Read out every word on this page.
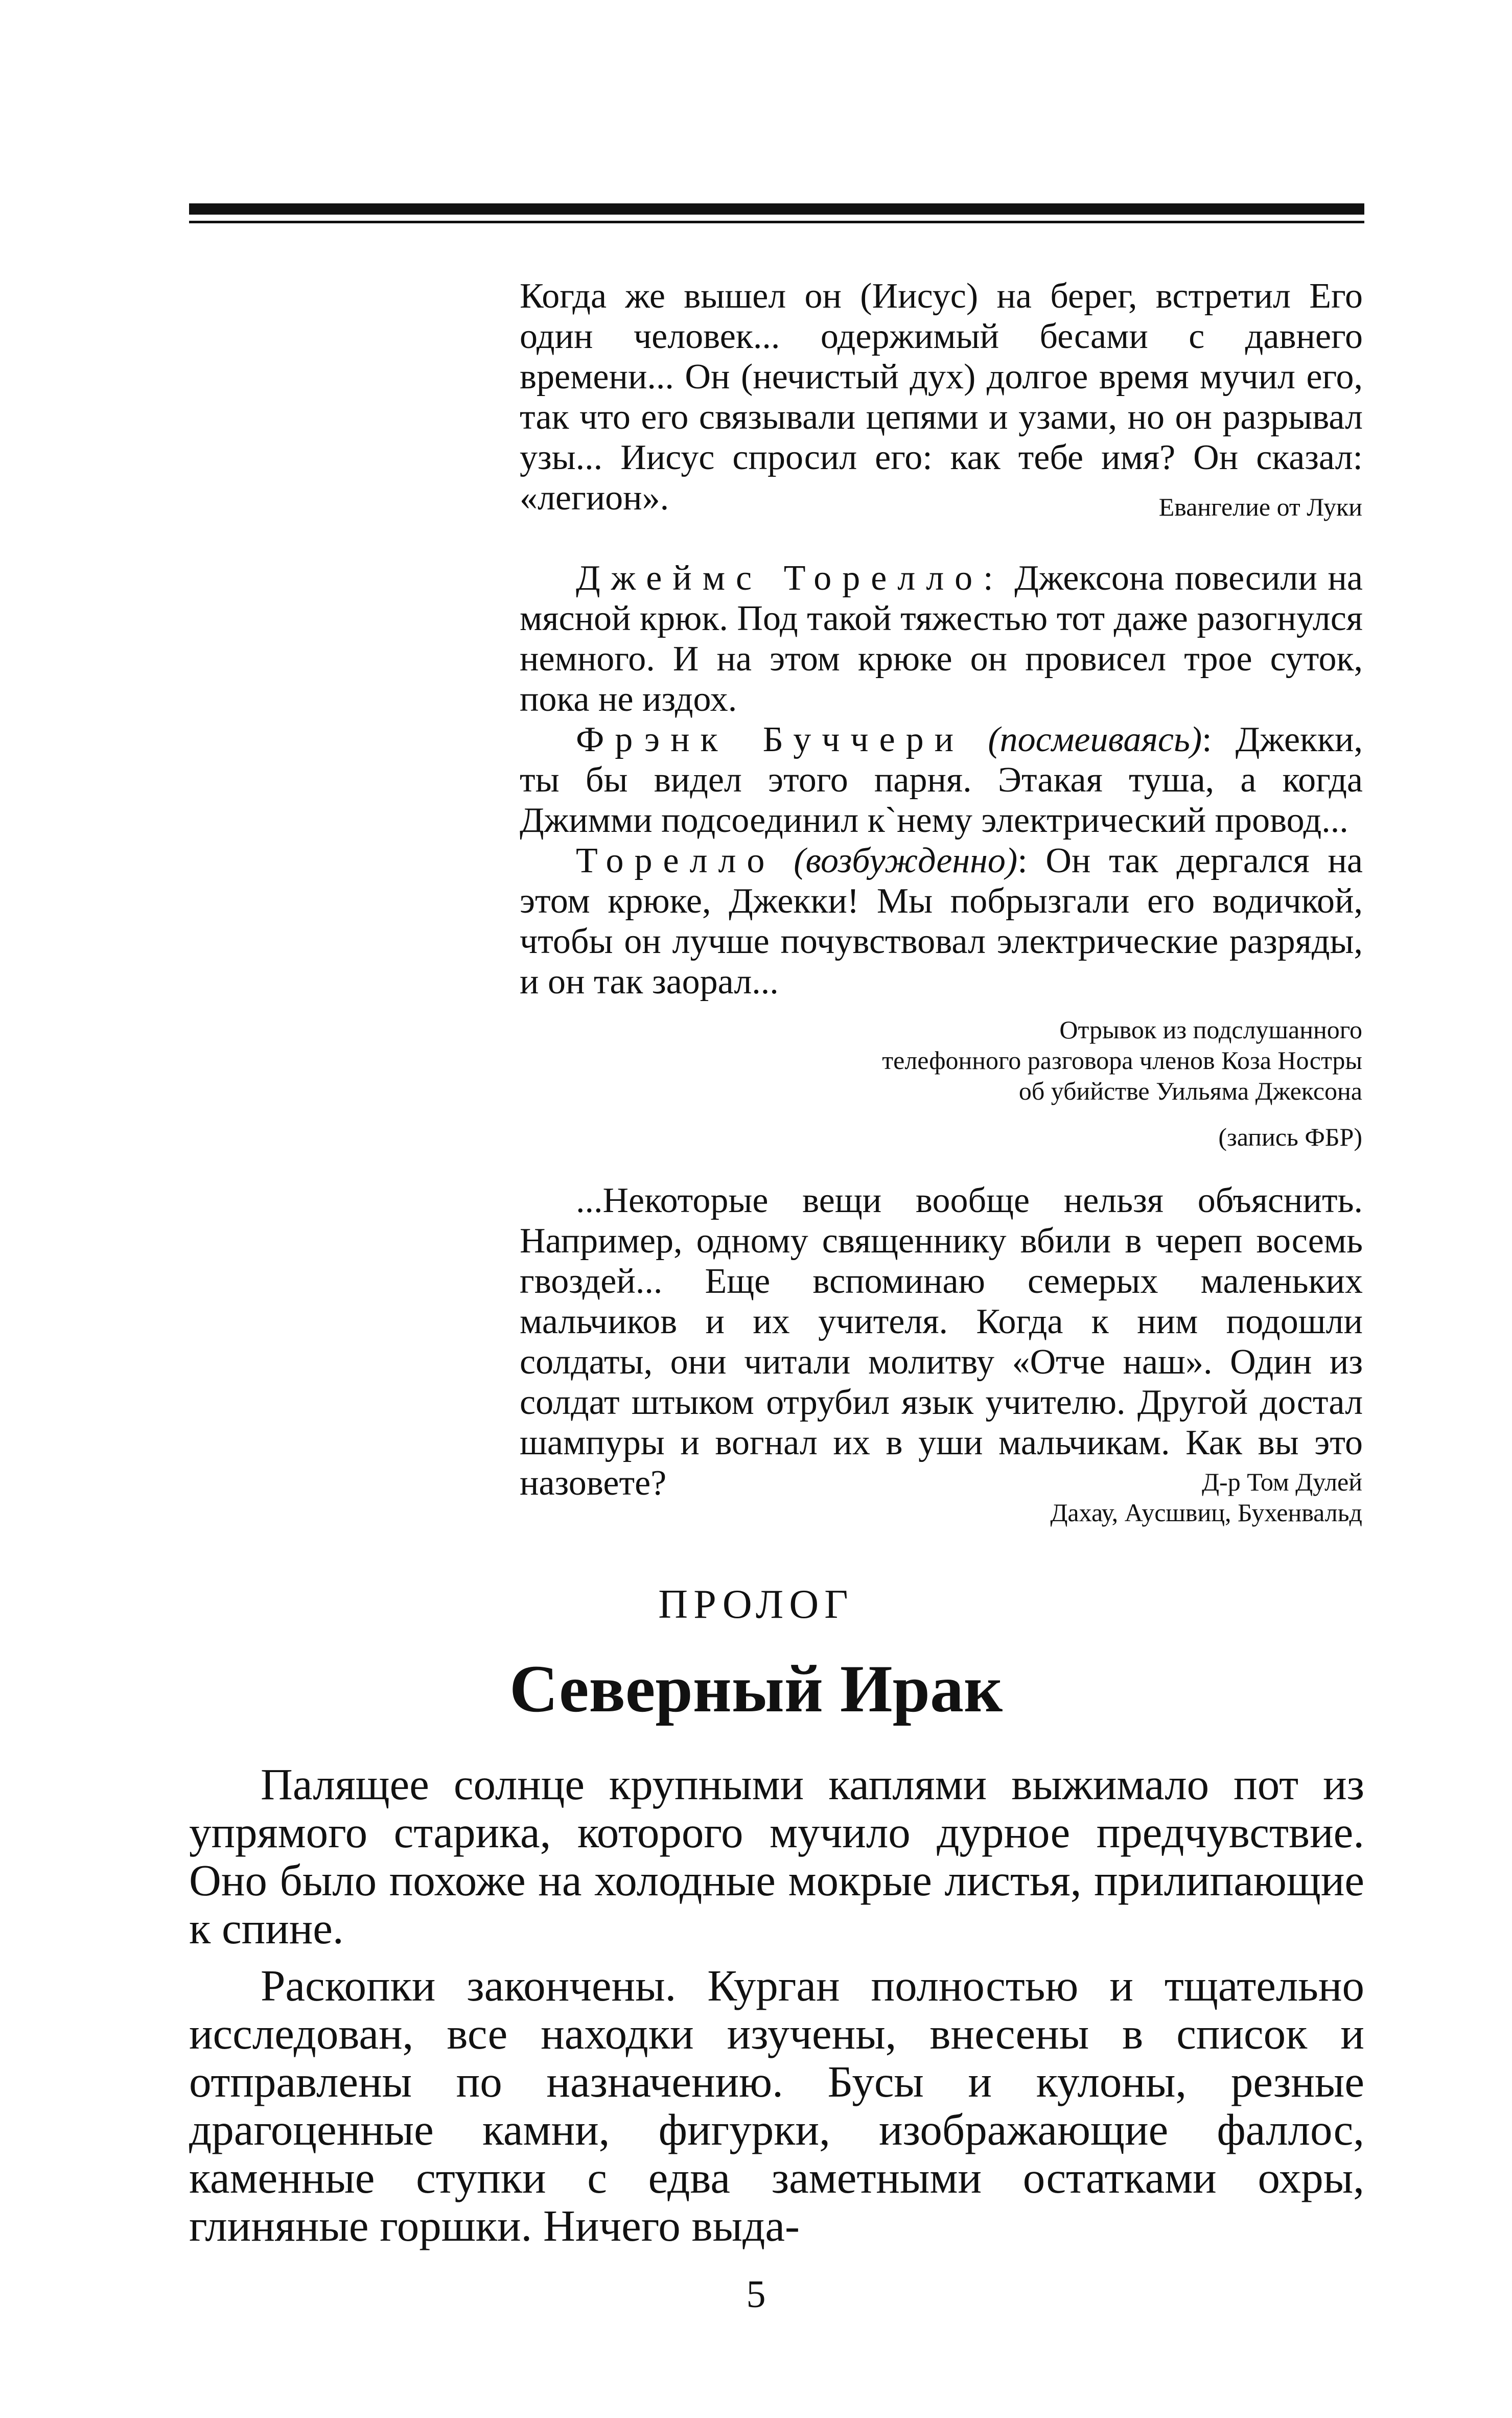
Когда же вышел он (Иисус) на берег, встретил Его один человек... одержимый бесами с давнего времени... Он (нечистый дух) долгое время мучил его, так что его связывали цепями и узами, но он разрывал узы... Иисус спросил его: как тебе имя? Он сказал: «легион».	Евангелие от Луки
Джеймс Торелло: Джексона повесили на мясной крюк. Под такой тяжестью тот даже разогнулся немного. И на этом крюке он провисел трое суток, пока не издох.
Фрэнк Буччери (посмеиваясь): Джекки, ты бы видел этого парня. Этакая туша, а когда Джимми подсоединил к`нему электрический провод...
Торелло (возбужденно): Он так дергался на этом крюке, Джекки! Мы побрызгали его водичкой, чтобы он лучше почувствовал электрические разряды, и он так заорал...
Отрывок из подслушанного
телефонного разговора членов Коза Ностры
об убийстве Уильяма Джексона
(запись ФБР)
...Некоторые вещи вообще нельзя объяснить. Например, одному священнику вбили в череп восемь гвоздей... Еще вспоминаю семерых маленьких мальчиков и их учителя. Когда к ним подошли солдаты, они читали молитву «Отче наш». Один из солдат штыком отрубил язык учителю. Другой достал шампуры и вогнал их в уши мальчикам. Как вы это назовете?	Д-р Том Дулей
Дахау, Аусшвиц, Бухенвальд
ПРОЛОГ
Северный Ирак

Палящее солнце крупными каплями выжимало пот из упрямого старика, которого мучило дурное предчувствие. Оно было похоже на холодные мокрые листья, прилипающие к спине.

Раскопки закончены. Курган полностью и тщательно исследован, все находки изучены, внесены в список и отправлены по назначению. Бусы и кулоны, резные драгоценные камни, фигурки, изображающие фаллос, каменные ступки с едва заметными остатками охры, глиняные горшки. Ничего выда-

5
